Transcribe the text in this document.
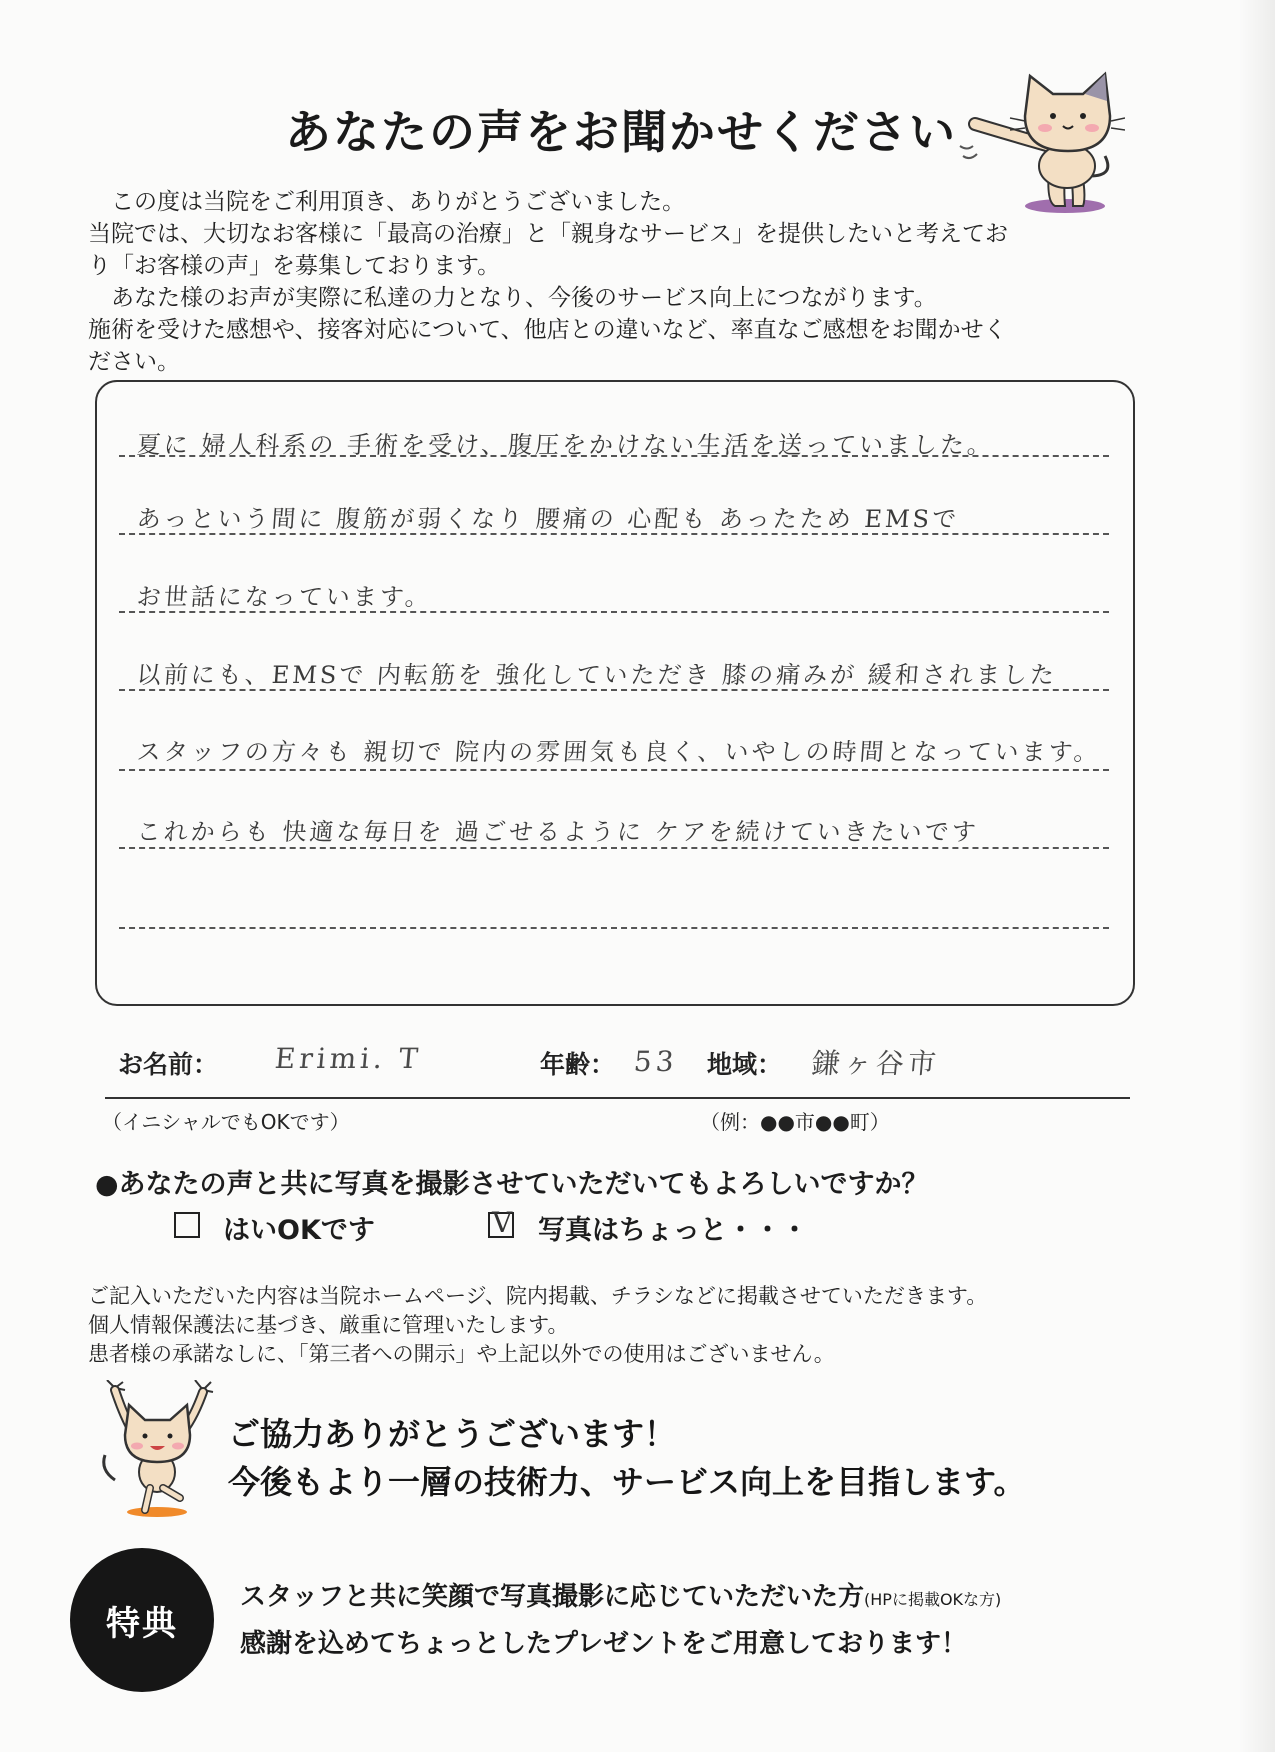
あなたの声をお聞かせください

　この度は当院をご利用頂き、ありがとうございました。

当院では、大切なお客様に「最高の治療」と「親身なサービス」を提供したいと考えてお

り「お客様の声」を募集しております。

　あなた様のお声が実際に私達の力となり、今後のサービス向上につながります。

施術を受けた感想や、接客対応について、他店との違いなど、率直なご感想をお聞かせく

ださい。

夏に 婦人科系の 手術を受け、腹圧をかけない生活を送っていました。
あっという間に 腹筋が弱くなり 腰痛の 心配も あったため EMSで
お世話になっています。
以前にも、EMSで 内転筋を 強化していただき 膝の痛みが 緩和されました
スタッフの方々も 親切で 院内の雰囲気も良く、いやしの時間となっています。
これからも 快適な毎日を 過ごせるように ケアを続けていきたいです
お名前： Erimi. T	年齢： 53 地域： 鎌ヶ谷市
（イニシャルでもOKです）	（例：●●市●●町）
●あなたの声と共に写真を撮影させていただいてもよろしいですか？
はいOKです	V 写真はちょっと・・・

ご記入いただいた内容は当院ホームページ、院内掲載、チラシなどに掲載させていただきます。

個人情報保護法に基づき、厳重に管理いたします。

患者様の承諾なしに、「第三者への開示」や上記以外での使用はございません。

ご協力ありがとうございます！

今後もより一層の技術力、サービス向上を目指します。

特典

スタッフと共に笑顔で写真撮影に応じていただいた方(HPに掲載OKな方)

感謝を込めてちょっとしたプレゼントをご用意しております！
